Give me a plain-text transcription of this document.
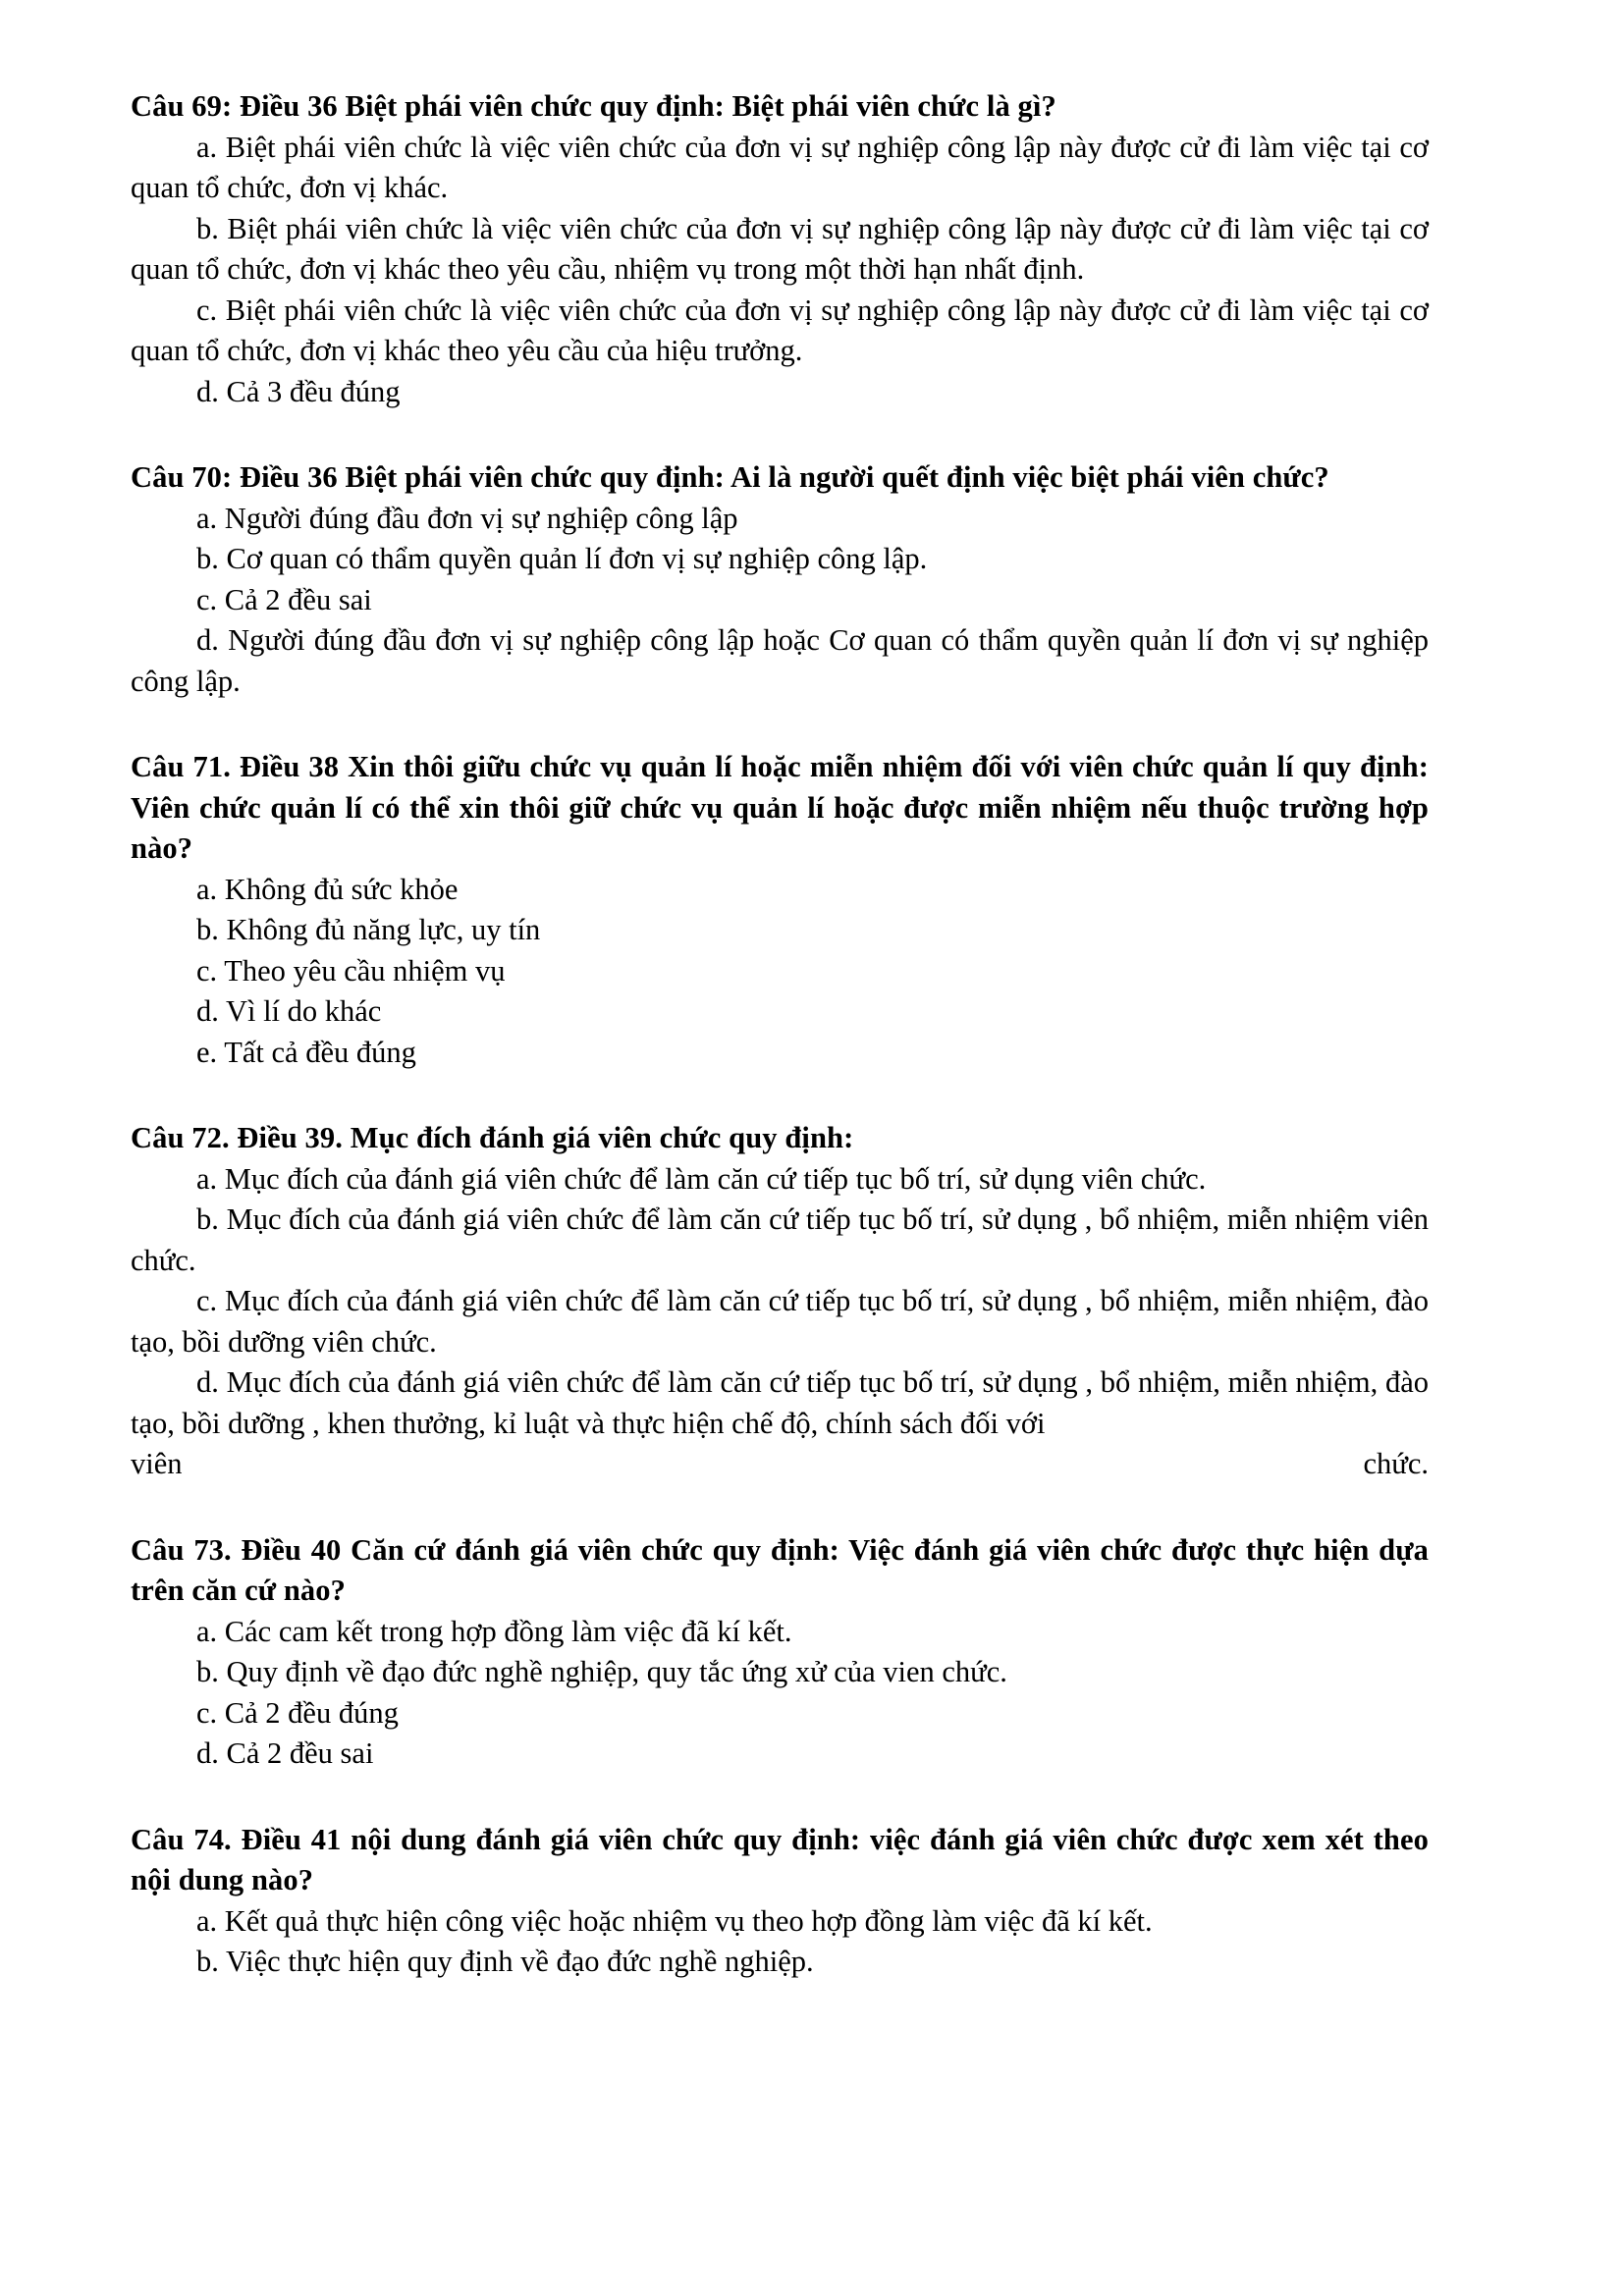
Câu 69: Điều 36 Biệt phái viên chức quy định: Biệt phái viên chức là gì?

a. Biệt phái viên chức là việc viên chức của đơn vị sự nghiệp công lập này được cử đi làm việc tại cơ quan tổ chức, đơn vị khác.

b. Biệt phái viên chức là việc viên chức của đơn vị sự nghiệp công lập này được cử đi làm việc tại cơ quan tổ chức, đơn vị khác theo yêu cầu, nhiệm vụ trong một thời hạn nhất định.

c. Biệt phái viên chức là việc viên chức của đơn vị sự nghiệp công lập này được cử đi làm việc tại cơ quan tổ chức, đơn vị khác theo yêu cầu của hiệu trưởng.

d. Cả 3 đều đúng

Câu 70: Điều 36 Biệt phái viên chức quy định: Ai là người quết định việc biệt phái viên chức?

a. Người đúng đầu đơn vị sự nghiệp công lập

b. Cơ quan có thẩm quyền quản lí đơn vị sự nghiệp công lập.

c. Cả 2 đều sai

d. Người đúng đầu đơn vị sự nghiệp công lập hoặc Cơ quan có thẩm quyền quản lí đơn vị sự nghiệp công lập.

Câu 71. Điều 38 Xin thôi giữu chức vụ quản lí hoặc miễn nhiệm đối với viên chức quản lí quy định: Viên chức quản lí có thể xin thôi giữ chức vụ quản lí hoặc được miễn nhiệm nếu thuộc trường hợp nào?

a. Không đủ sức khỏe

b. Không đủ năng lực, uy tín

c. Theo yêu cầu nhiệm vụ

d. Vì lí do khác

e. Tất cả đều đúng

Câu 72. Điều 39. Mục đích đánh giá viên chức quy định:

a. Mục đích của đánh giá viên chức để làm căn cứ tiếp tục bố trí, sử dụng viên chức.

b. Mục đích của đánh giá viên chức để làm căn cứ tiếp tục bố trí, sử dụng , bổ nhiệm, miễn nhiệm viên chức.

c. Mục đích của đánh giá viên chức để làm căn cứ tiếp tục bố trí, sử dụng , bổ nhiệm, miễn nhiệm, đào tạo, bồi dưỡng viên chức.

d. Mục đích của đánh giá viên chức để làm căn cứ tiếp tục bố trí, sử dụng , bổ nhiệm, miễn nhiệm, đào tạo, bồi dưỡng , khen thưởng, kỉ luật và thực hiện chế độ, chính sách đối với

viên	chức.

Câu 73. Điều 40 Căn cứ đánh giá viên chức quy định: Việc đánh giá viên chức được thực hiện dựa trên căn cứ nào?

a. Các cam kết trong hợp đồng làm việc đã kí kết.

b. Quy định về đạo đức nghề nghiệp, quy tắc ứng xử của vien chức.

c. Cả 2 đều đúng

d. Cả 2 đều sai

Câu 74. Điều 41 nội dung đánh giá viên chức quy định: việc đánh giá viên chức được xem xét theo nội dung nào?

a. Kết quả thực hiện công việc hoặc nhiệm vụ theo hợp đồng làm việc đã kí kết.

b. Việc thực hiện quy định về đạo đức nghề nghiệp.
